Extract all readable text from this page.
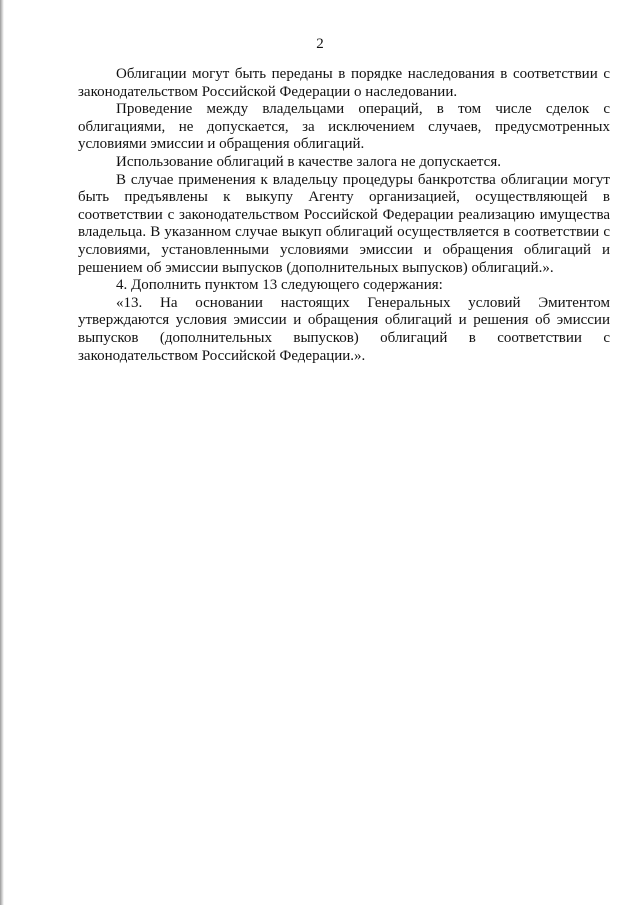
2

Облигации могут быть переданы в порядке наследования в соответствии с законодательством Российской Федерации о наследовании.

Проведение между владельцами операций, в том числе сделок с облигациями, не допускается, за исключением случаев, предусмотренных условиями эмиссии и обращения облигаций.

Использование облигаций в качестве залога не допускается.

В случае применения к владельцу процедуры банкротства облигации могут быть предъявлены к выкупу Агенту организацией, осуществляющей в соответствии с законодательством Российской Федерации реализацию имущества владельца. В указанном случае выкуп облигаций осуществляется в соответствии с условиями, установленными условиями эмиссии и обращения облигаций и решением об эмиссии выпусков (дополнительных выпусков) облигаций.».

4. Дополнить пунктом 13 следующего содержания:

«13. На основании настоящих Генеральных условий Эмитентом утверждаются условия эмиссии и обращения облигаций и решения об эмиссии выпусков (дополнительных выпусков) облигаций в соответствии с законодательством Российской Федерации.».
